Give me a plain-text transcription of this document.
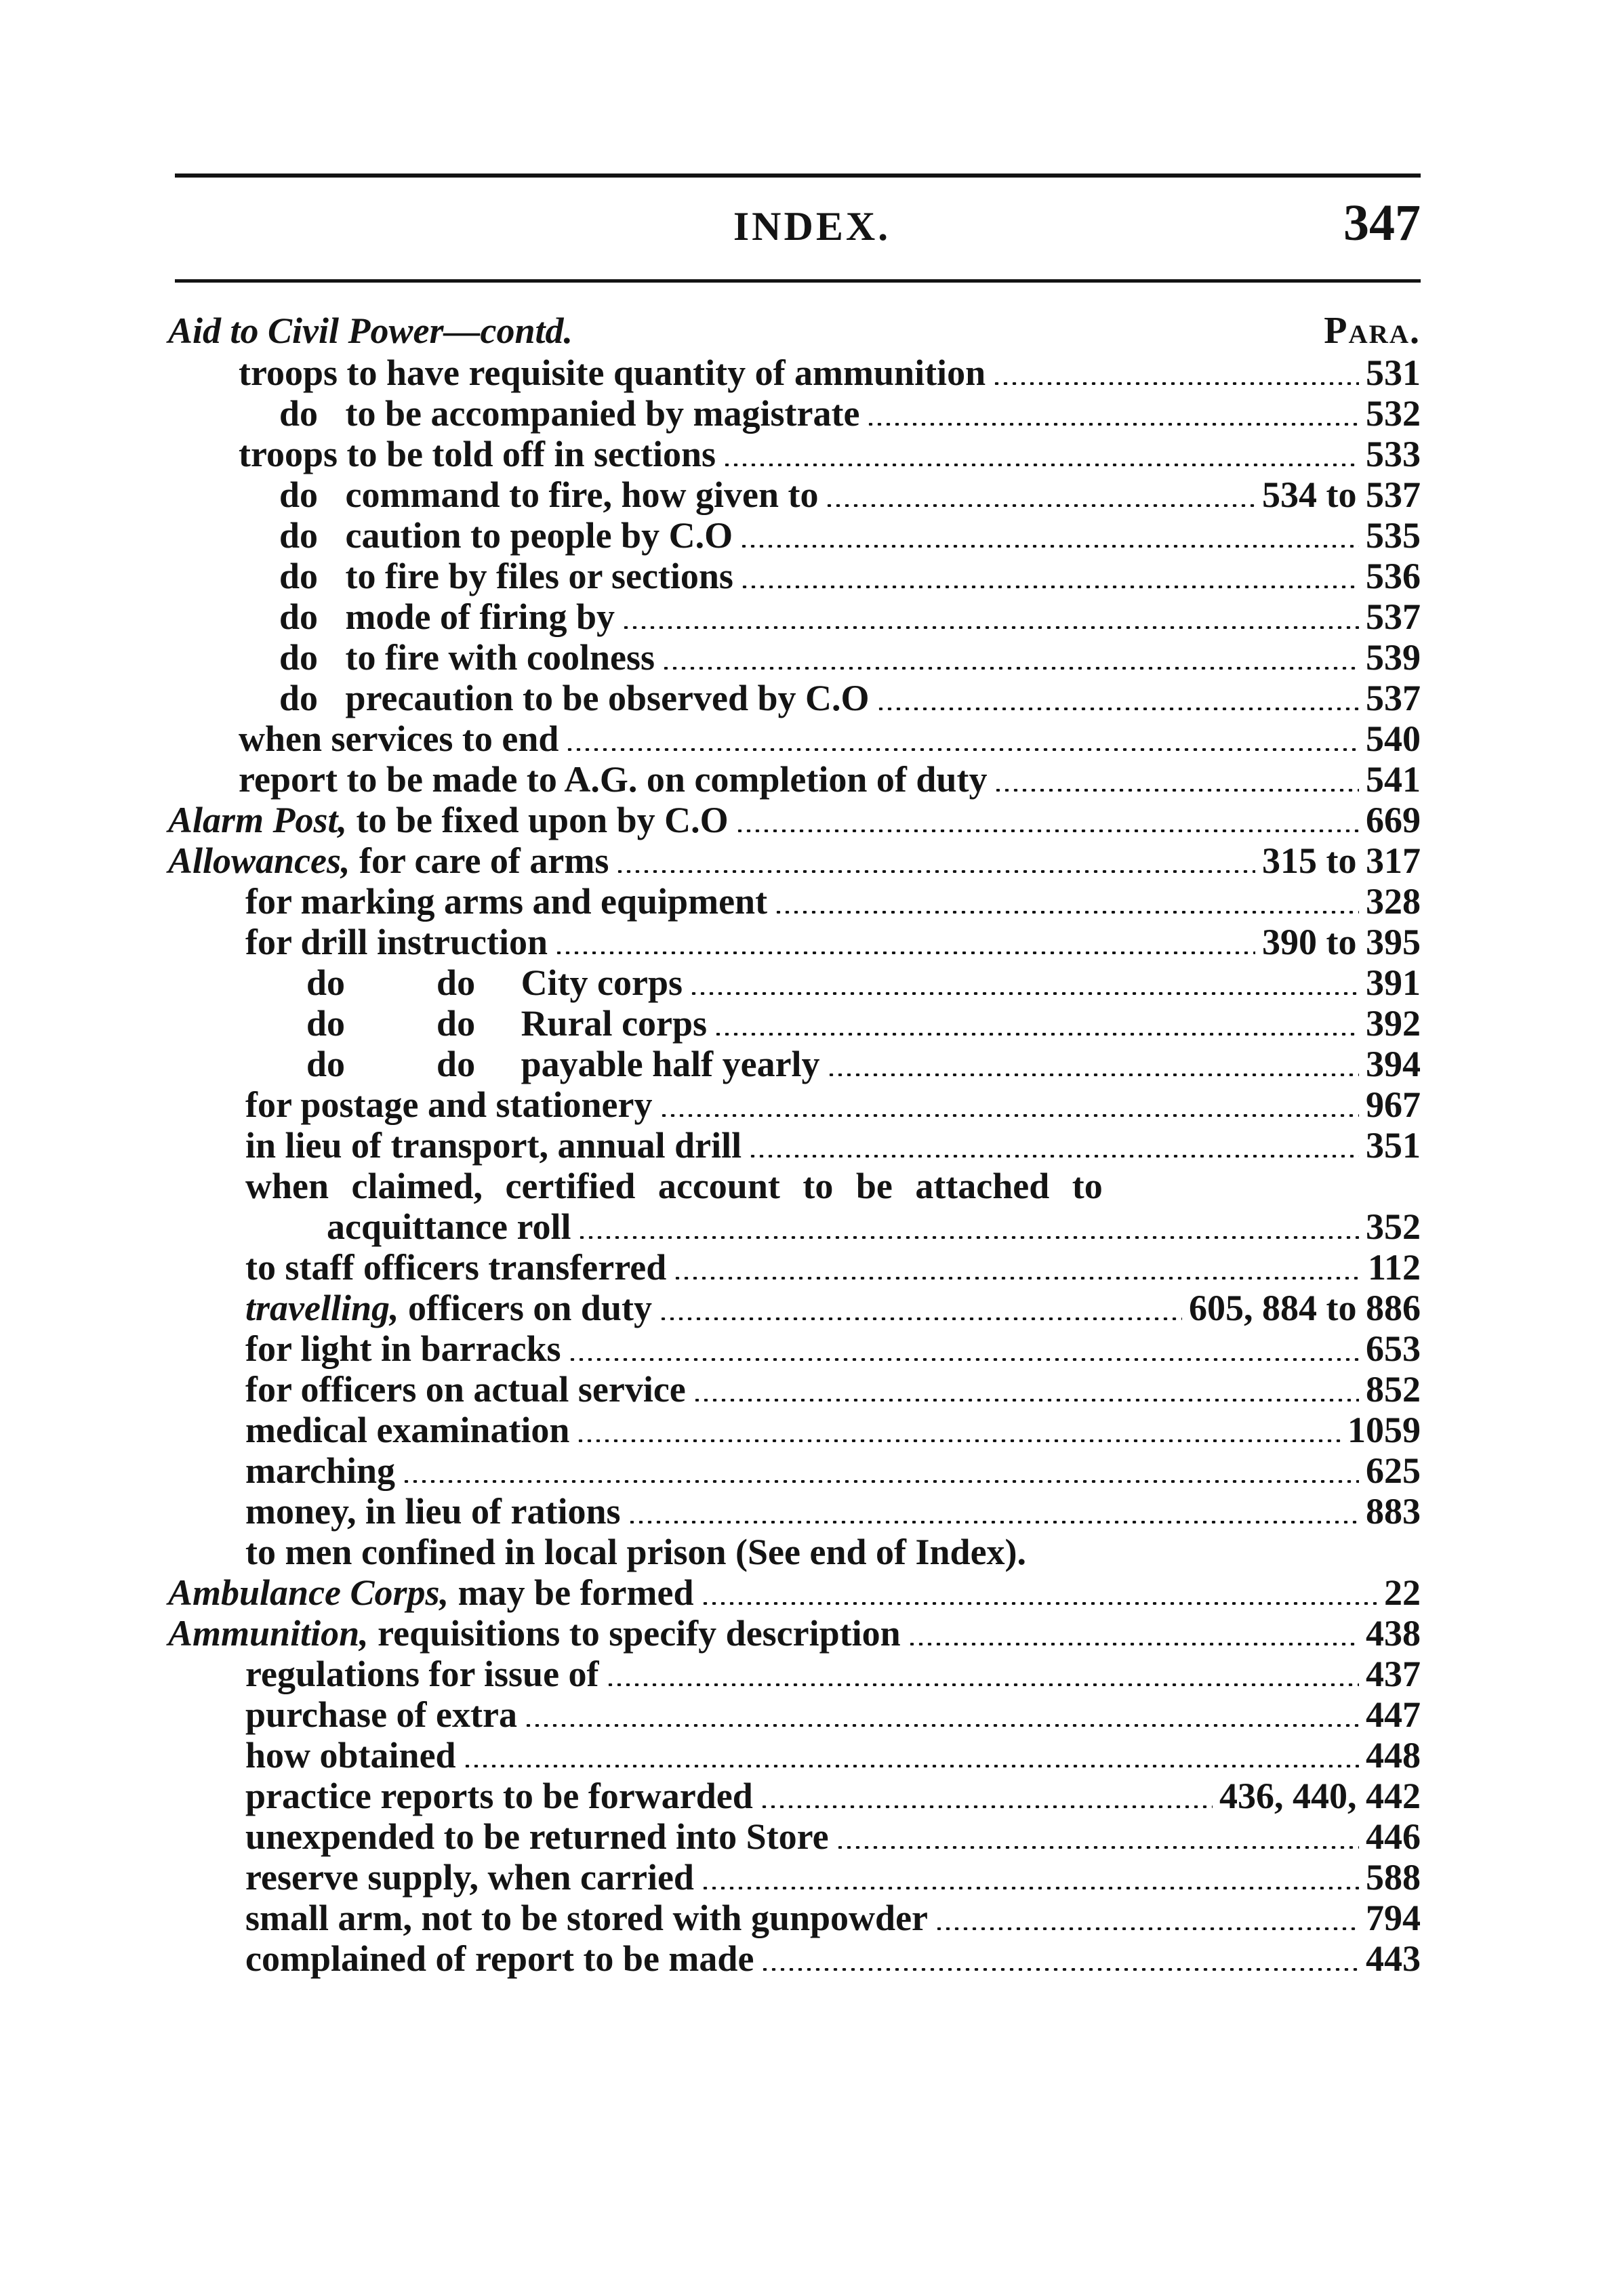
INDEX.	347
Aid to Civil Power—contd.	Para.
troops to have requisite quantity of ammunition	531
do   to be accompanied by magistrate	532
troops to be told off in sections	533
do   command to fire, how given to	534 to 537
do   caution to people by C.O	535
do   to fire by files or sections	536
do   mode of firing by	537
do   to fire with coolness	539
do   precaution to be observed by C.O	537
when services to end	540
report to be made to A.G. on completion of duty	541
Alarm Post, to be fixed upon by C.O	669
Allowances, for care of arms	315 to 317
for marking arms and equipment	328
for drill instruction	390 to 395
do          do     City corps	391
do          do     Rural corps	392
do          do     payable half yearly	394
for postage and stationery	967
in lieu of transport, annual drill	351
when claimed, certified account to be attached to
acquittance roll	352
to staff officers transferred	112
travelling, officers on duty	605, 884 to 886
for light in barracks	653
for officers on actual service	852
medical examination	1059
marching	625
money, in lieu of rations	883
to men confined in local prison (See end of Index).
Ambulance Corps, may be formed	22
Ammunition, requisitions to specify description	438
regulations for issue of	437
purchase of extra	447
how obtained	448
practice reports to be forwarded	436, 440, 442
unexpended to be returned into Store	446
reserve supply, when carried	588
small arm, not to be stored with gunpowder	794
complained of report to be made	443
